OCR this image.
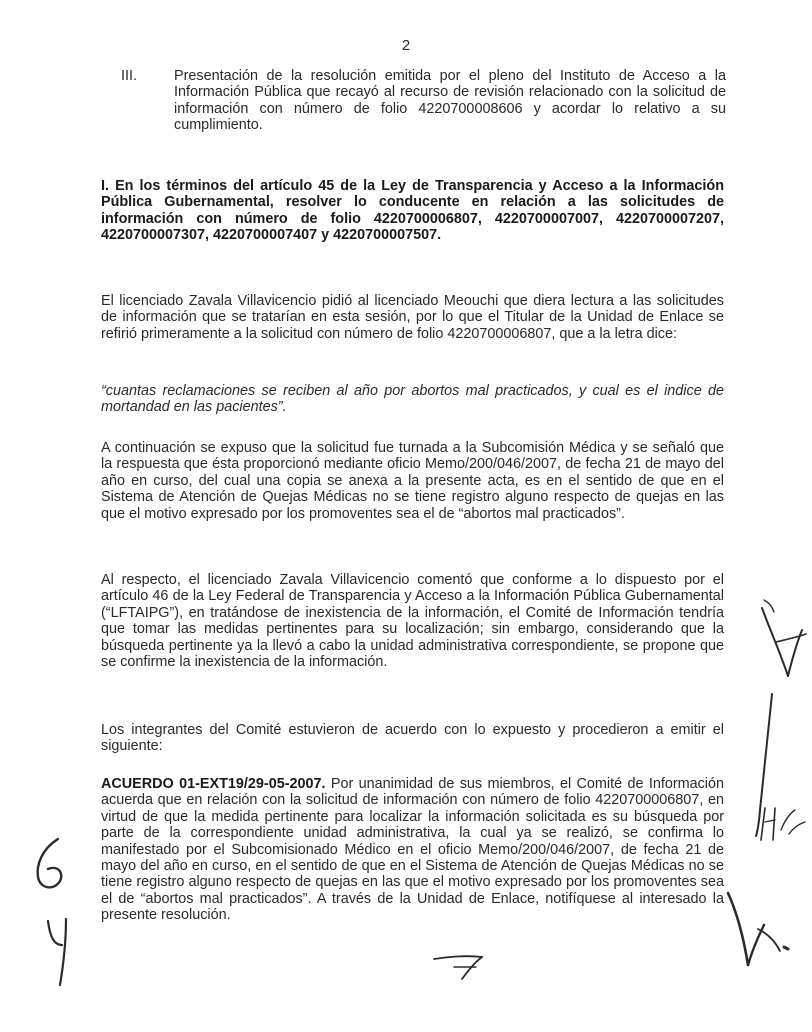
2
III.	Presentación de la resolución emitida por el pleno del Instituto de Acceso a la Información Pública que recayó al recurso de revisión relacionado con la solicitud de información con número de folio 4220700008606 y acordar lo relativo a su cumplimiento.

I. En los términos del artículo 45 de la Ley de Transparencia y Acceso a la Información Pública Gubernamental, resolver lo conducente en relación a las solicitudes de información con número de folio 4220700006807, 4220700007007, 4220700007207, 4220700007307, 4220700007407 y 4220700007507.

El licenciado Zavala Villavicencio pidió al licenciado Meouchi que diera lectura a las solicitudes de información que se tratarían en esta sesión, por lo que el Titular de la Unidad de Enlace se refirió primeramente a la solicitud con número de folio 4220700006807, que a la letra dice:

“cuantas reclamaciones se reciben al año por abortos mal practicados, y cual es el indice de mortandad en las pacientes”.

A continuación se expuso que la solicitud fue turnada a la Subcomisión Médica y se señaló que la respuesta que ésta proporcionó mediante oficio Memo/200/046/2007, de fecha 21 de mayo del año en curso, del cual una copia se anexa a la presente acta, es en el sentido de que en el Sistema de Atención de Quejas Médicas no se tiene registro alguno respecto de quejas en las que el motivo expresado por los promoventes sea el de “abortos mal practicados”.

Al respecto, el licenciado Zavala Villavicencio comentó que conforme a lo dispuesto por el artículo 46 de la Ley Federal de Transparencia y Acceso a la Información Pública Gubernamental (“LFTAIPG”), en tratándose de inexistencia de la información, el Comité de Información tendría que tomar las medidas pertinentes para su localización; sin embargo, considerando que la búsqueda pertinente ya la llevó a cabo la unidad administrativa correspondiente, se propone que se confirme la inexistencia de la información.

Los integrantes del Comité estuvieron de acuerdo con lo expuesto y procedieron a emitir el siguiente:

ACUERDO 01-EXT19/29-05-2007. Por unanimidad de sus miembros, el Comité de Información acuerda que en relación con la solicitud de información con número de folio 4220700006807, en virtud de que la medida pertinente para localizar la información solicitada es su búsqueda por parte de la correspondiente unidad administrativa, la cual ya se realizó, se confirma lo manifestado por el Subcomisionado Médico en el oficio Memo/200/046/2007, de fecha 21 de mayo del año en curso, en el sentido de que en el Sistema de Atención de Quejas Médicas no se tiene registro alguno respecto de quejas en las que el motivo expresado por los promoventes sea el de “abortos mal practicados”. A través de la Unidad de Enlace, notifíquese al interesado la presente resolución.
